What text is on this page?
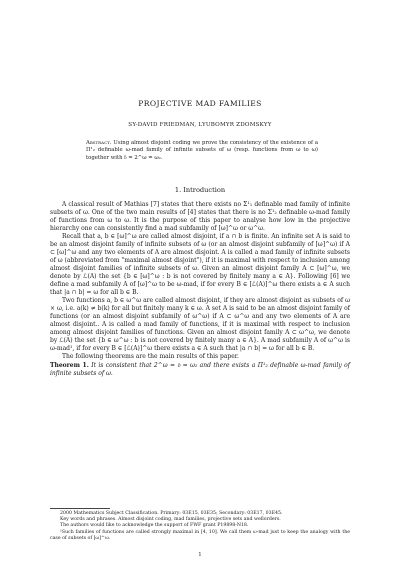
PROJECTIVE MAD FAMILIES
SY-DAVID FRIEDMAN, LYUBOMYR ZDOMSKYY
Abstract. Using almost disjoint coding we prove the consistency of the existence of a Π¹₂ definable ω-mad family of infinite subsets of ω (resp. functions from ω to ω) together with 𝔟 = 2^ω = ω₂.
1. Introduction

A classical result of Mathias [7] states that there exists no Σ¹₁ definable mad family of infinite subsets of ω. One of the two main results of [4] states that there is no Σ¹₂ definable ω-mad family of functions from ω to ω. It is the purpose of this paper to analyse how low in the projective hierarchy one can consistently find a mad subfamily of [ω]^ω or ω^ω.

Recall that a, b ∈ [ω]^ω are called almost disjoint, if a ∩ b is finite. An infinite set A is said to be an almost disjoint family of infinite subsets of ω (or an almost disjoint subfamily of [ω]^ω) if A ⊂ [ω]^ω and any two elements of A are almost disjoint. A is called a mad family of infinite subsets of ω (abbreviated from "maximal almost disjoint"), if it is maximal with respect to inclusion among almost disjoint families of infinite subsets of ω. Given an almost disjoint family A ⊂ [ω]^ω, we denote by ℒ(A) the set {b ∈ [ω]^ω : b is not covered by finitely many a ∈ A}. Following [6] we define a mad subfamily A of [ω]^ω to be ω-mad, if for every B ∈ [ℒ(A)]^ω there exists a ∈ A such that |a ∩ b| = ω for all b ∈ B.

Two functions a, b ∈ ω^ω are called almost disjoint, if they are almost disjoint as subsets of ω × ω, i.e. a(k) ≠ b(k) for all but finitely many k ∈ ω. A set A is said to be an almost disjoint family of functions (or an almost disjoint subfamily of ω^ω) if A ⊂ ω^ω and any two elements of A are almost disjoint.. A is called a mad family of functions, if it is maximal with respect to inclusion among almost disjoint families of functions. Given an almost disjoint family A ⊂ ω^ω, we denote by ℒ(A) the set {b ∈ ω^ω : b is not covered by finitely many a ∈ A}. A mad subfamily A of ω^ω is ω-mad¹, if for every B ∈ [ℒ(A)]^ω there exists a ∈ A such that |a ∩ b| = ω for all b ∈ B.

The following theorems are the main results of this paper.

Theorem 1. It is consistent that 2^ω = 𝔟 = ω₂ and there exists a Π¹₂ definable ω-mad family of infinite subsets of ω.

2000 Mathematics Subject Classification. Primary: 03E15, 03E35; Secondary: 03E17, 03E45.

Key words and phrases. Almost disjoint coding, mad families, projective sets and wellorders.

The authors would like to acknowledge the support of FWF grant P19898-N18.

¹Such families of functions are called strongly maximal in [4, 10]. We call them ω-mad just to keep the analogy with the case of subsets of [ω]^ω.

1
